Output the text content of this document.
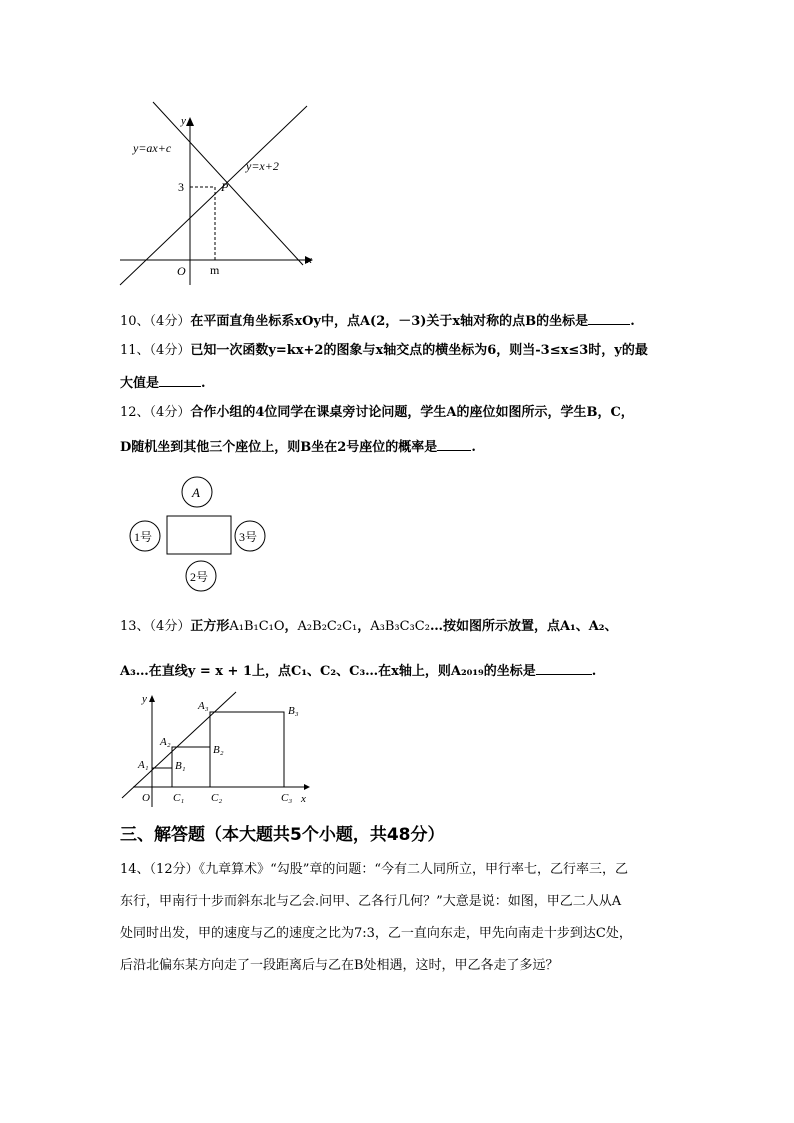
y
x
O m
3	P
y=ax+c
y=x+2
10、（4分）在平面直角坐标系xOy中，点A(2，－3)关于x轴对称的点B的坐标是	.
11、（4分）已知一次函数y=kx+2的图象与x轴交点的横坐标为6，则当-3≤x≤3时，y的最
大值是	.
12、（4分）合作小组的4位同学在课桌旁讨论问题，学生A的座位如图所示，学生B，C，
D随机坐到其他三个座位上，则B坐在2号座位的概率是	.
A
1号	3号
2号
13、（4分）正方形A₁B₁C₁O，A₂B₂C₂C₁，A₃B₃C₃C₂…按如图所示放置，点A₁、A₂、
A₃…在直线y = x + 1上，点C₁、C₂、C₃…在x轴上，则A₂₀₁₉的坐标是	.
y
x
O
A₁
A₂
A₃
B₁
B₂
B₃
C₁ C₂	C₃
三、解答题（本大题共5个小题，共48分）
14、（12分）《九章算术》“勾股”章的问题：“今有二人同所立，甲行率七，乙行率三，乙
东行，甲南行十步而斜东北与乙会.问甲、乙各行几何？”大意是说：如图，甲乙二人从A
处同时出发，甲的速度与乙的速度之比为7:3，乙一直向东走，甲先向南走十步到达C处，
后沿北偏东某方向走了一段距离后与乙在B处相遇，这时，甲乙各走了多远？
